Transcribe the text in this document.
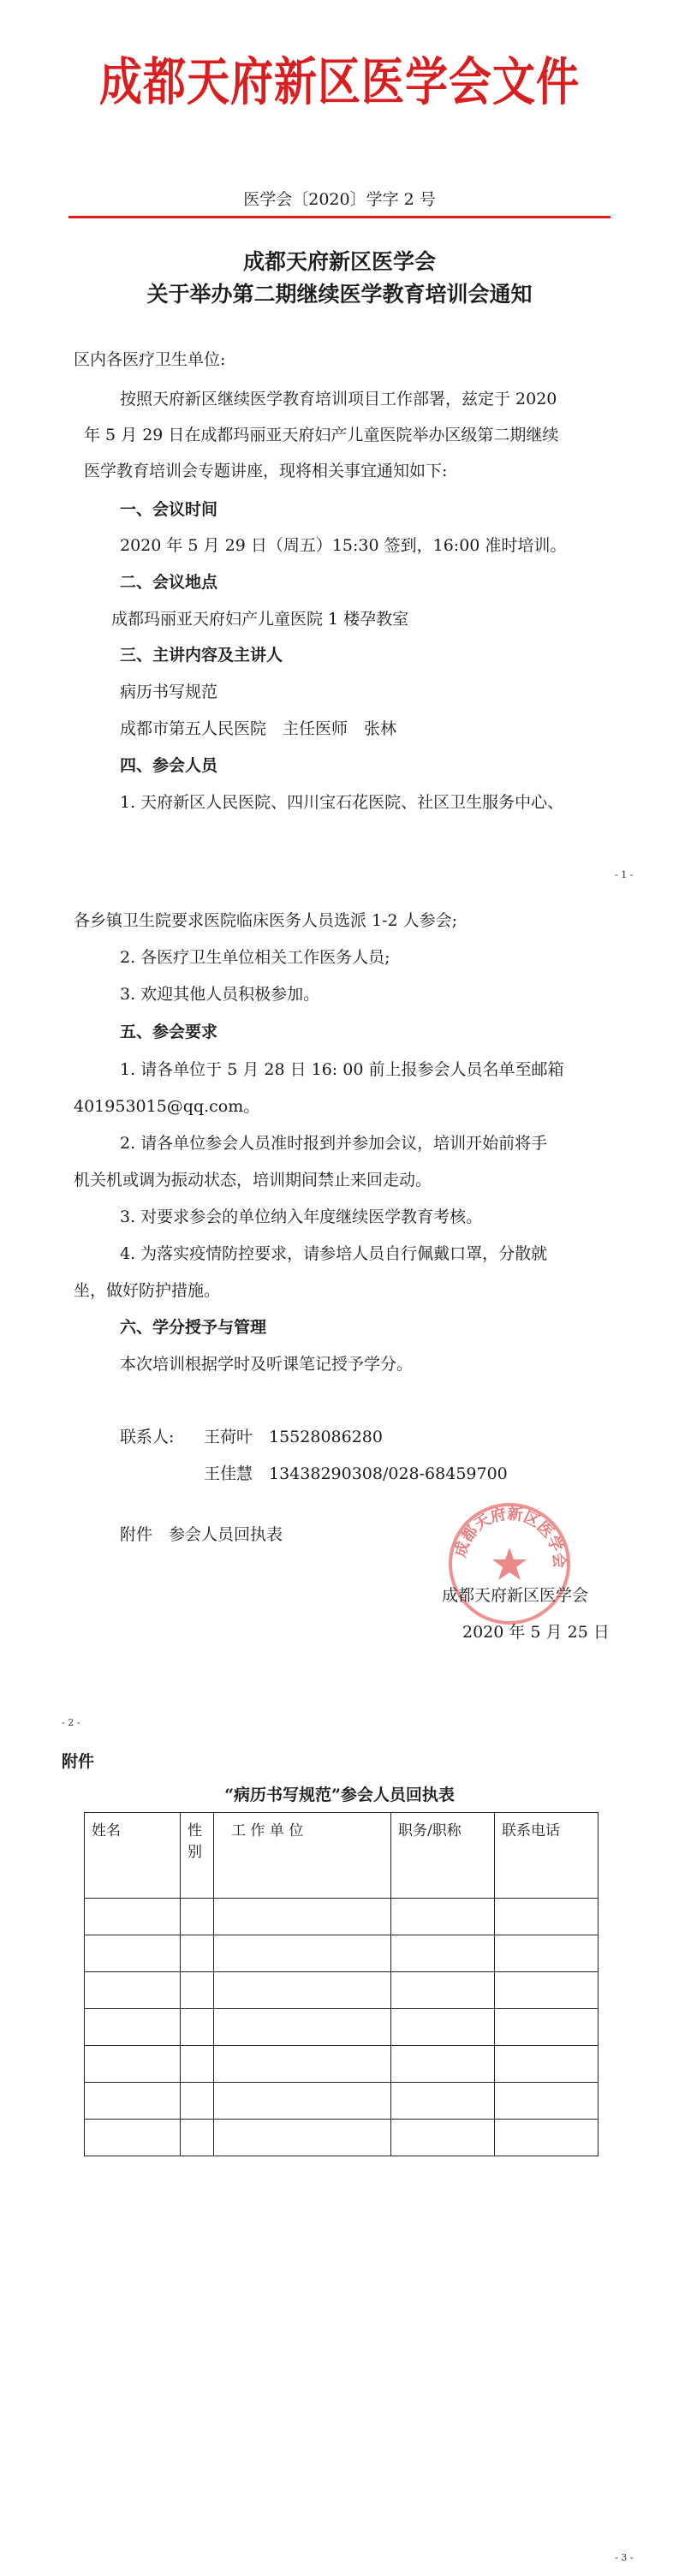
成都天府新区医学会文件
医学会〔2020〕学字 2 号
成都天府新区医学会
关于举办第二期继续医学教育培训会通知
区内各医疗卫生单位:
按照天府新区继续医学教育培训项目工作部署，兹定于 2020
年 5 月 29 日在成都玛丽亚天府妇产儿童医院举办区级第二期继续
医学教育培训会专题讲座，现将相关事宜通知如下:
一、会议时间
2020 年 5 月 29 日（周五）15:30 签到，16:00 准时培训。
二、会议地点
成都玛丽亚天府妇产儿童医院 1 楼孕教室
三、主讲内容及主讲人
病历书写规范
成都市第五人民医院　主任医师　张林
四、参会人员
1. 天府新区人民医院、四川宝石花医院、社区卫生服务中心、
- 1 -
各乡镇卫生院要求医院临床医务人员选派 1-2 人参会;
2. 各医疗卫生单位相关工作医务人员;
3. 欢迎其他人员积极参加。
五、参会要求
1. 请各单位于 5 月 28 日 16: 00 前上报参会人员名单至邮箱
401953015@qq.com。
2. 请各单位参会人员准时报到并参加会议，培训开始前将手
机关机或调为振动状态，培训期间禁止来回走动。
3. 对要求参会的单位纳入年度继续医学教育考核。
4. 为落实疫情防控要求，请参培人员自行佩戴口罩，分散就
坐，做好防护措施。
六、学分授予与管理
本次培训根据学时及听课笔记授予学分。
联系人: 王荷叶　15528086280
王佳慧　13438290308/028-68459700
附件　参会人员回执表
成都天府新区医学会
成都天府新区医学会
2020 年 5 月 25 日
- 2 -
附件
“病历书写规范”参会人员回执表
姓名	性别	工 作 单 位	职务/职称	联系电话

- 3 -
